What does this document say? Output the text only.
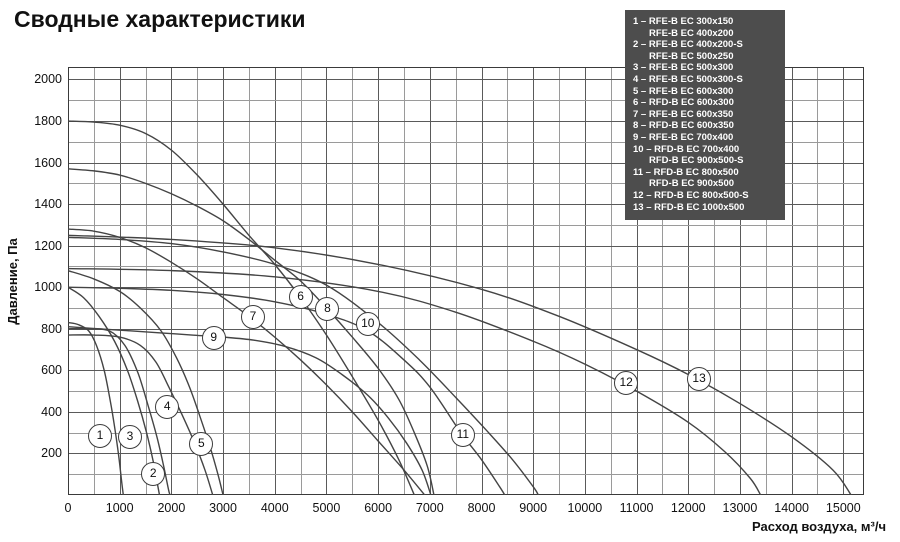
Сводные характеристики
Давление, Па
Расход воздуха, м³/ч
1
2
3
4
5
6
7
8
9
10
11
12	13
200
400
600
800
1000
1200
1400
1600
1800
2000
0	1000 2000 3000 4000 5000 6000 7000 8000 9000 10000 11000 12000 13000 14000 15000
1 – RFE-B EC 300x150
RFE-B EC 400x200
2 – RFE-B EC 400x200-S
RFE-B EC 500x250
3 – RFE-B EC 500x300
4 – RFE-B EC 500x300-S
5 – RFE-B EC 600x300
6 – RFD-B EC 600x300
7 – RFE-B EC 600x350
8 – RFD-B EC 600x350
9 – RFE-B EC 700x400
10 – RFD-B EC 700x400
RFD-B EC 900x500-S
11 – RFD-B EC 800x500
RFD-B EC 900x500
12 – RFD-B EC 800x500-S
13 – RFD-B EC 1000x500
